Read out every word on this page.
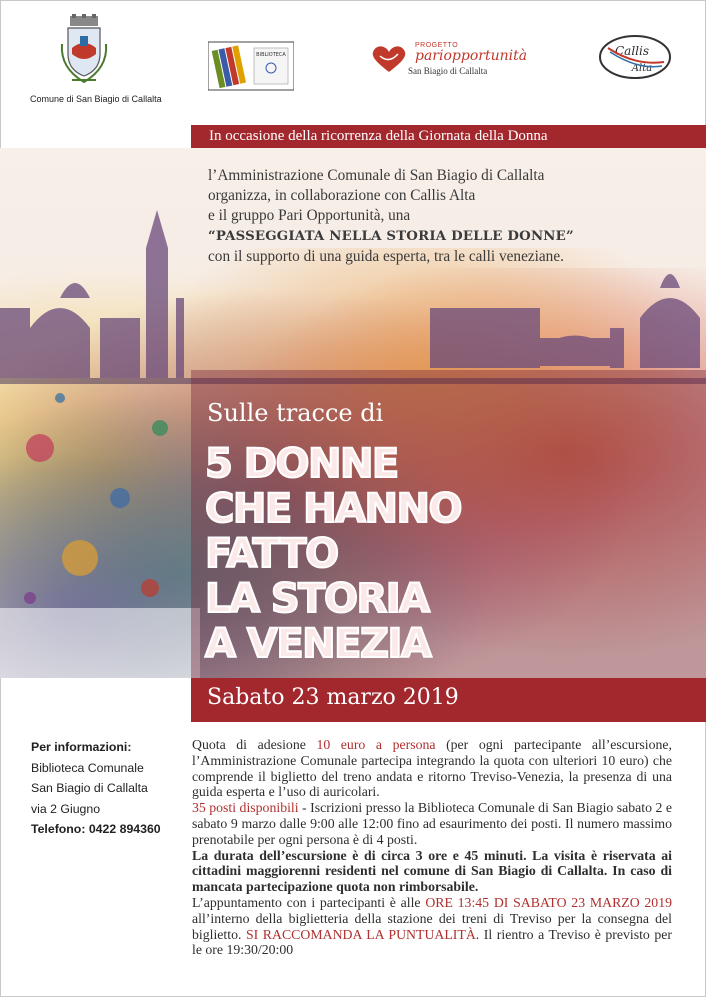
Comune di San Biagio di Callalta
BIBLIOTECA
PROGETTO
pariopportunità
San Biagio di Callalta
Callis
Alta
In occasione della ricorrenza della Giornata della Donna
l’Amministrazione Comunale di San Biagio di Callalta
organizza, in collaborazione con Callis Alta
e il gruppo Pari Opportunità, una
“PASSEGGIATA NELLA STORIA DELLE DONNE”
con il supporto di una guida esperta, tra le calli veneziane.
Sulle tracce di
5 DONNE
CHE HANNO
FATTO
LA STORIA
A VENEZIA
Sabato 23 marzo 2019
Per informazioni:
Biblioteca Comunale
San Biagio di Callalta
via 2 Giugno
Telefono: 0422 894360

Quota di adesione 10 euro a persona (per ogni partecipante all’escursione, l’Amministrazione Comunale partecipa integrando la quota con ulteriori 10 euro) che comprende il biglietto del treno andata e ritorno Treviso-Venezia, la presenza di una guida esperta e l’uso di auricolari.

35 posti disponibili - Iscrizioni presso la Biblioteca Comunale di San Biagio sabato 2 e sabato 9 marzo dalle 9:00 alle 12:00 fino ad esaurimento dei posti. Il numero massimo prenotabile per ogni persona è di 4 posti.

La durata dell’escursione è di circa 3 ore e 45 minuti. La visita è riservata ai cittadini maggiorenni residenti nel comune di San Biagio di Callalta. In caso di mancata partecipazione quota non rimborsabile.

L’appuntamento con i partecipanti è alle ORE 13:45 DI SABATO 23 MARZO 2019 all’interno della biglietteria della stazione dei treni di Treviso per la consegna del biglietto. SI RACCOMANDA LA PUNTUALITÀ. Il rientro a Treviso è previsto per le ore 19:30/20:00
